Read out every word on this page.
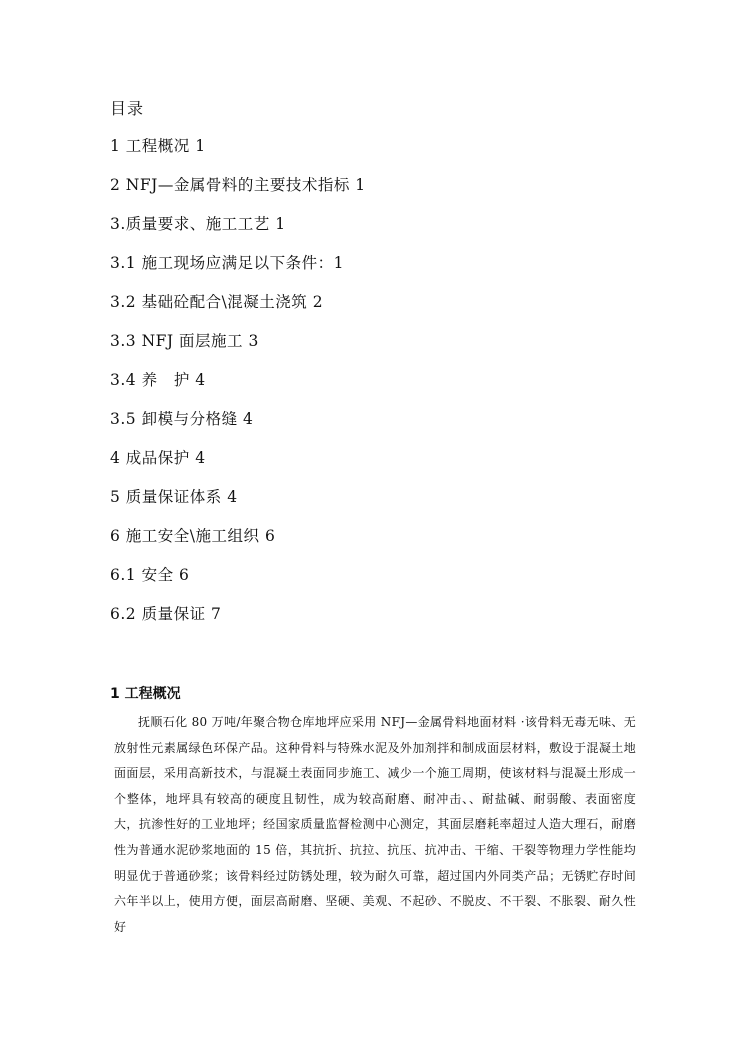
目录
1 工程概况 1
2 NFJ—金属骨料的主要技术指标 1
3.质量要求、施工工艺 1
3.1 施工现场应满足以下条件：1
3.2 基础砼配合\混凝土浇筑 2
3.3 NFJ 面层施工 3
3.4 养   护 4
3.5 卸模与分格缝 4
4 成品保护 4
5 质量保证体系 4
6 施工安全\施工组织 6
6.1 安全 6
6.2 质量保证 7
1 工程概况

抚顺石化 80 万吨/年聚合物仓库地坪应采用 NFJ—金属骨料地面材料 ·该骨料无毒无味、无放射性元素属绿色环保产品。这种骨料与特殊水泥及外加剂拌和制成面层材料，敷设于混凝土地面面层，采用高新技术，与混凝土表面同步施工、减少一个施工周期，使该材料与混凝土形成一个整体，地坪具有较高的硬度且韧性，成为较高耐磨、耐冲击、、耐盐碱、耐弱酸、表面密度大，抗渗性好的工业地坪；经国家质量监督检测中心测定，其面层磨耗率超过人造大理石，耐磨性为普通水泥砂浆地面的 15 倍，其抗折、抗拉、抗压、抗冲击、干缩、干裂等物理力学性能均明显优于普通砂浆；该骨料经过防锈处理，较为耐久可靠，超过国内外同类产品；无锈贮存时间六年半以上，使用方便，面层高耐磨、坚硬、美观、不起砂、不脱皮、不干裂、不胀裂、耐久性好
